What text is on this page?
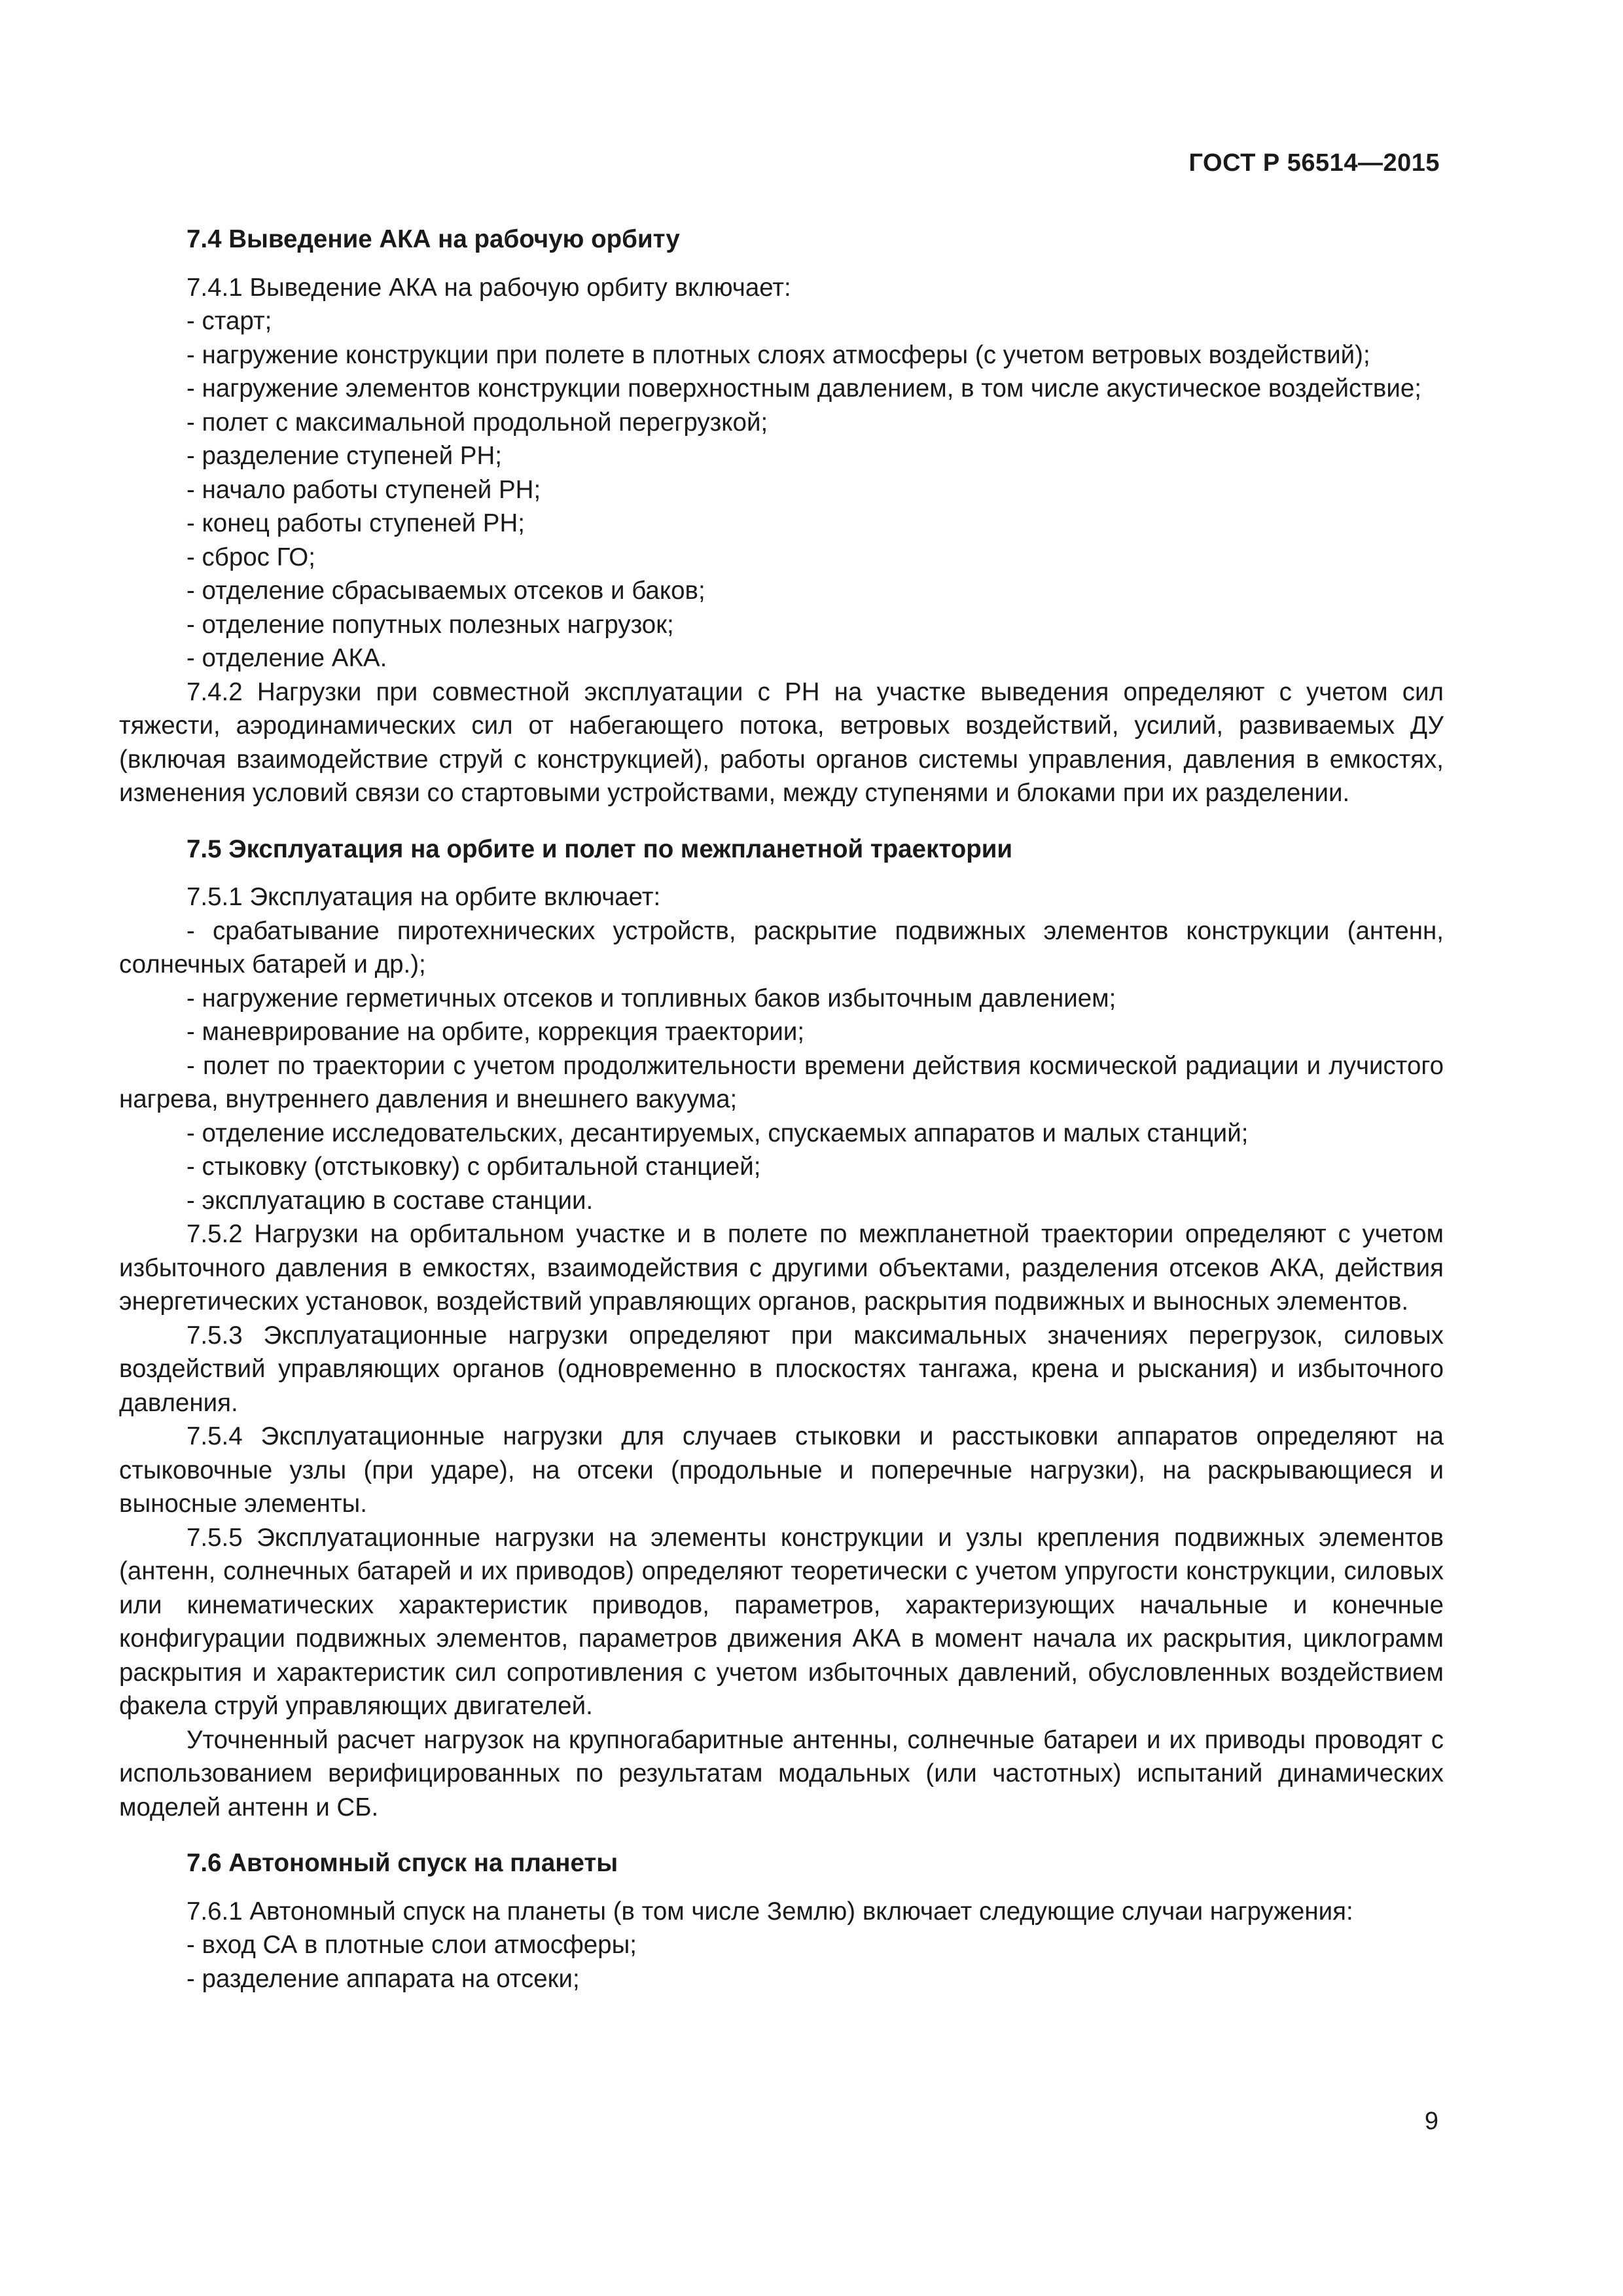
ГОСТ Р 56514—2015
7.4 Выведение АКА на рабочую орбиту
7.4.1 Выведение АКА на рабочую орбиту включает:
- старт;
- нагружение конструкции при полете в плотных слоях атмосферы (с учетом ветровых воздействий);
- нагружение элементов конструкции поверхностным давлением, в том числе акустическое воздействие;
- полет с максимальной продольной перегрузкой;
- разделение ступеней РН;
- начало работы ступеней РН;
- конец работы ступеней РН;
- сброс ГО;
- отделение сбрасываемых отсеков и баков;
- отделение попутных полезных нагрузок;
- отделение АКА.
7.4.2 Нагрузки при совместной эксплуатации с РН на участке выведения определяют с учетом сил тяжести, аэродинамических сил от набегающего потока, ветровых воздействий, усилий, развиваемых ДУ (включая взаимодействие струй с конструкцией), работы органов системы управления, давления в емкостях, изменения условий связи со стартовыми устройствами, между ступенями и блоками при их разделении.
7.5 Эксплуатация на орбите и полет по межпланетной траектории
7.5.1 Эксплуатация на орбите включает:
- срабатывание пиротехнических устройств, раскрытие подвижных элементов конструкции (антенн, солнечных батарей и др.);
- нагружение герметичных отсеков и топливных баков избыточным давлением;
- маневрирование на орбите, коррекция траектории;
- полет по траектории с учетом продолжительности времени действия космической радиации и лучистого нагрева, внутреннего давления и внешнего вакуума;
- отделение исследовательских, десантируемых, спускаемых аппаратов и малых станций;
- стыковку (отстыковку) с орбитальной станцией;
- эксплуатацию в составе станции.
7.5.2 Нагрузки на орбитальном участке и в полете по межпланетной траектории определяют с учетом избыточного давления в емкостях, взаимодействия с другими объектами, разделения отсеков АКА, действия энергетических установок, воздействий управляющих органов, раскрытия подвижных и выносных элементов.
7.5.3 Эксплуатационные нагрузки определяют при максимальных значениях перегрузок, силовых воздействий управляющих органов (одновременно в плоскостях тангажа, крена и рыскания) и избыточного давления.
7.5.4 Эксплуатационные нагрузки для случаев стыковки и расстыковки аппаратов определяют на стыковочные узлы (при ударе), на отсеки (продольные и поперечные нагрузки), на раскрывающиеся и выносные элементы.
7.5.5 Эксплуатационные нагрузки на элементы конструкции и узлы крепления подвижных элементов (антенн, солнечных батарей и их приводов) определяют теоретически с учетом упругости конструкции, силовых или кинематических характеристик приводов, параметров, характеризующих начальные и конечные конфигурации подвижных элементов, параметров движения АКА в момент начала их раскрытия, циклограмм раскрытия и характеристик сил сопротивления с учетом избыточных давлений, обусловленных воздействием факела струй управляющих двигателей.
Уточненный расчет нагрузок на крупногабаритные антенны, солнечные батареи и их приводы проводят с использованием верифицированных по результатам модальных (или частотных) испытаний динамических моделей антенн и СБ.
7.6 Автономный спуск на планеты
7.6.1 Автономный спуск на планеты (в том числе Землю) включает следующие случаи нагружения:
- вход СА в плотные слои атмосферы;
- разделение аппарата на отсеки;
9
